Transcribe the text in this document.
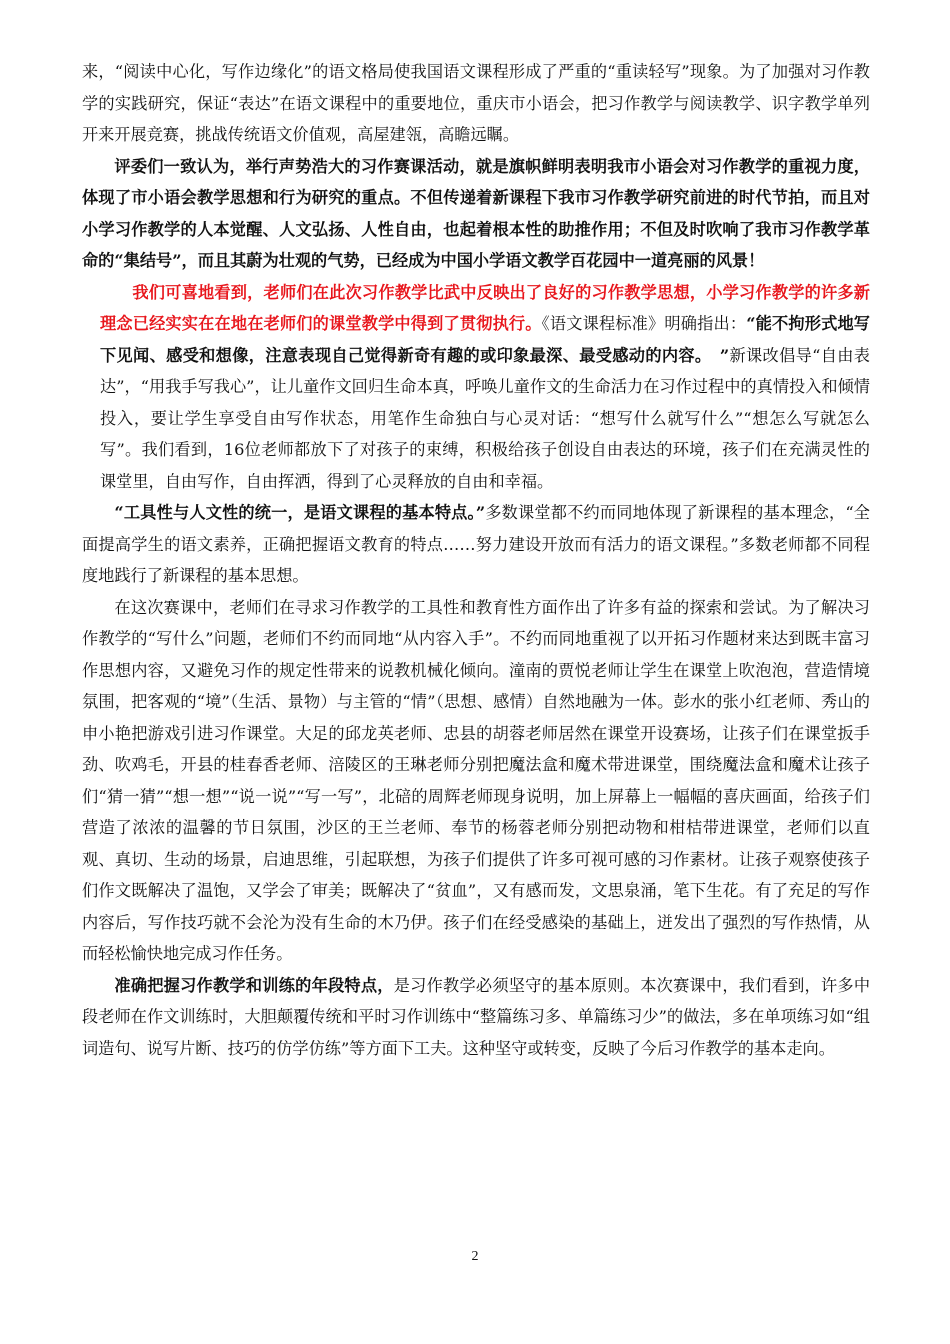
来，“阅读中心化，写作边缘化”的语文格局使我国语文课程形成了严重的“重读轻写”现象。为了加强对习作教学的实践研究，保证“表达”在语文课程中的重要地位，重庆市小语会，把习作教学与阅读教学、识字教学单列开来开展竞赛，挑战传统语文价值观，高屋建瓴，高瞻远瞩。

评委们一致认为，举行声势浩大的习作赛课活动，就是旗帜鲜明表明我市小语会对习作教学的重视力度，体现了市小语会教学思想和行为研究的重点。不但传递着新课程下我市习作教学研究前进的时代节拍，而且对小学习作教学的人本觉醒、人文弘扬、人性自由，也起着根本性的助推作用；不但及时吹响了我市习作教学革命的“集结号”，而且其蔚为壮观的气势，已经成为中国小学语文教学百花园中一道亮丽的风景！

我们可喜地看到，老师们在此次习作教学比武中反映出了良好的习作教学思想，小学习作教学的许多新理念已经实实在在地在老师们的课堂教学中得到了贯彻执行。《语文课程标准》明确指出：“能不拘形式地写下见闻、感受和想像，注意表现自己觉得新奇有趣的或印象最深、最受感动的内容。　”新课改倡导“自由表达”，“用我手写我心”，让儿童作文回归生命本真，呼唤儿童作文的生命活力在习作过程中的真情投入和倾情投入，要让学生享受自由写作状态，用笔作生命独白与心灵对话：“想写什么就写什么”“想怎么写就怎么写”。我们看到，16位老师都放下了对孩子的束缚，积极给孩子创设自由表达的环境，孩子们在充满灵性的课堂里，自由写作，自由挥洒，得到了心灵释放的自由和幸福。

“工具性与人文性的统一，是语文课程的基本特点。”多数课堂都不约而同地体现了新课程的基本理念，“全面提高学生的语文素养，正确把握语文教育的特点……努力建设开放而有活力的语文课程。”多数老师都不同程度地践行了新课程的基本思想。

在这次赛课中，老师们在寻求习作教学的工具性和教育性方面作出了许多有益的探索和尝试。为了解决习作教学的“写什么”问题，老师们不约而同地“从内容入手”。不约而同地重视了以开拓习作题材来达到既丰富习作思想内容，又避免习作的规定性带来的说教机械化倾向。潼南的贾悦老师让学生在课堂上吹泡泡，营造情境氛围，把客观的“境”（生活、景物）与主管的“情”（思想、感情）自然地融为一体。彭水的张小红老师、秀山的申小艳把游戏引进习作课堂。大足的邱龙英老师、忠县的胡蓉老师居然在课堂开设赛场，让孩子们在课堂扳手劲、吹鸡毛，开县的桂春香老师、涪陵区的王琳老师分别把魔法盒和魔术带进课堂，围绕魔法盒和魔术让孩子们“猜一猜”“想一想”“说一说”“写一写”，北碚的周辉老师现身说明，加上屏幕上一幅幅的喜庆画面，给孩子们营造了浓浓的温馨的节日氛围，沙区的王兰老师、奉节的杨蓉老师分别把动物和柑桔带进课堂，老师们以直观、真切、生动的场景，启迪思维，引起联想，为孩子们提供了许多可视可感的习作素材。让孩子观察使孩子们作文既解决了温饱，又学会了审美；既解决了“贫血”，又有感而发，文思泉涌，笔下生花。有了充足的写作内容后，写作技巧就不会沦为没有生命的木乃伊。孩子们在经受感染的基础上，迸发出了强烈的写作热情，从而轻松愉快地完成习作任务。

准确把握习作教学和训练的年段特点，是习作教学必须坚守的基本原则。本次赛课中，我们看到，许多中段老师在作文训练时，大胆颠覆传统和平时习作训练中“整篇练习多、单篇练习少”的做法，多在单项练习如“组词造句、说写片断、技巧的仿学仿练”等方面下工夫。这种坚守或转变，反映了今后习作教学的基本走向。

2
